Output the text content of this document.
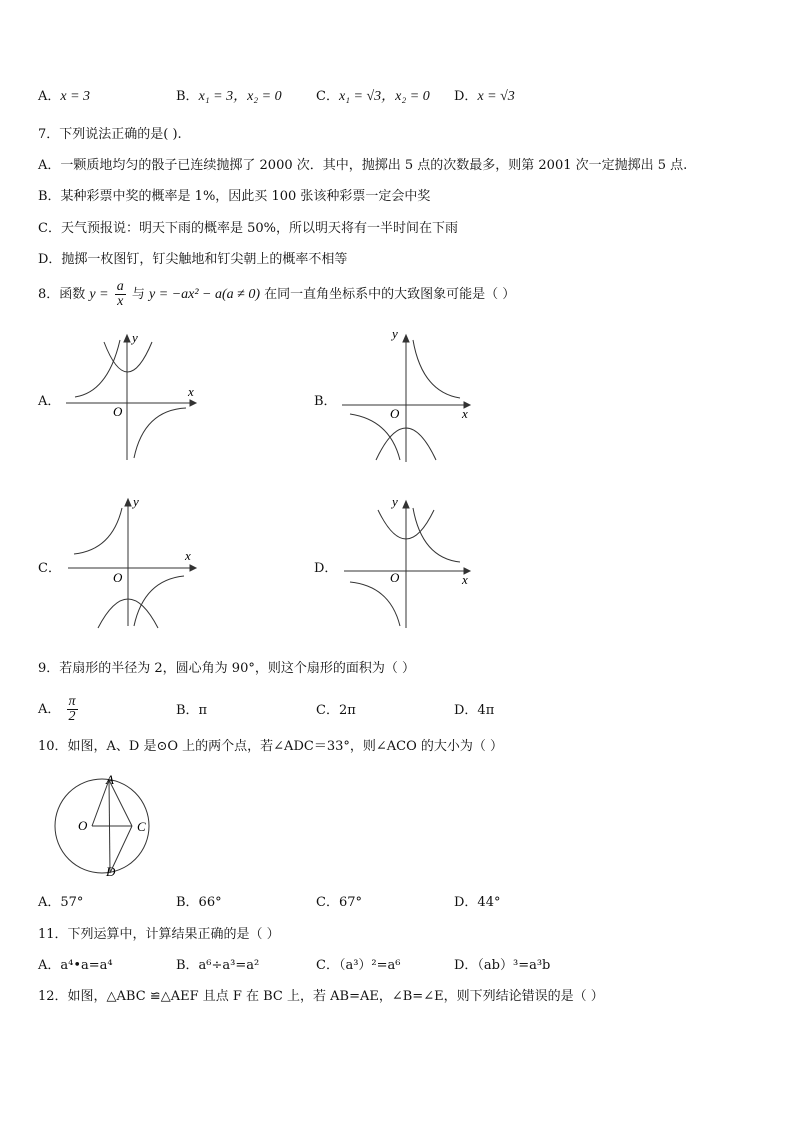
A．x = 3	B．x₁ = 3，x₂ = 0	C．x₁ = √3，x₂ = 0 D．x = √3
7．下列说法正确的是( ).
A．一颗质地均匀的骰子已连续抛掷了 2000 次．其中，抛掷出 5 点的次数最多，则第 2001 次一定抛掷出 5 点.
B．某种彩票中奖的概率是 1%，因此买 100 张该种彩票一定会中奖
C．天气预报说：明天下雨的概率是 50%，所以明天将有一半时间在下雨
D．抛掷一枚图钉，钉尖触地和钉尖朝上的概率不相等
8．函数 $y = \frac{a}{x}$ 与 y = −ax² − a(a ≠ 0) 在同一直角坐标系中的大致图象可能是（ ）
A．	B．
C．	D．
x
y
O	x
y
O
x
y
O	x
y
O
9．若扇形的半径为 2，圆心角为 90°，则这个扇形的面积为（ ）
A． $\frac{\pi}{2}$	B．π	C．2π	D．4π
10．如图，A、D 是⊙O 上的两个点，若∠ADC＝33°，则∠ACO 的大小为（ ）
A
O	C
D
A．57°	B．66°	C．67°	D．44°
11．下列运算中，计算结果正确的是（ ）
A．a⁴•a=a⁴	B．a⁶÷a³=a²	C．（a³）²=a⁶	D．（ab）³=a³b
12．如图，△ABC ≌△AEF 且点 F 在 BC 上，若 AB=AE，∠B=∠E，则下列结论错误的是（ ）
